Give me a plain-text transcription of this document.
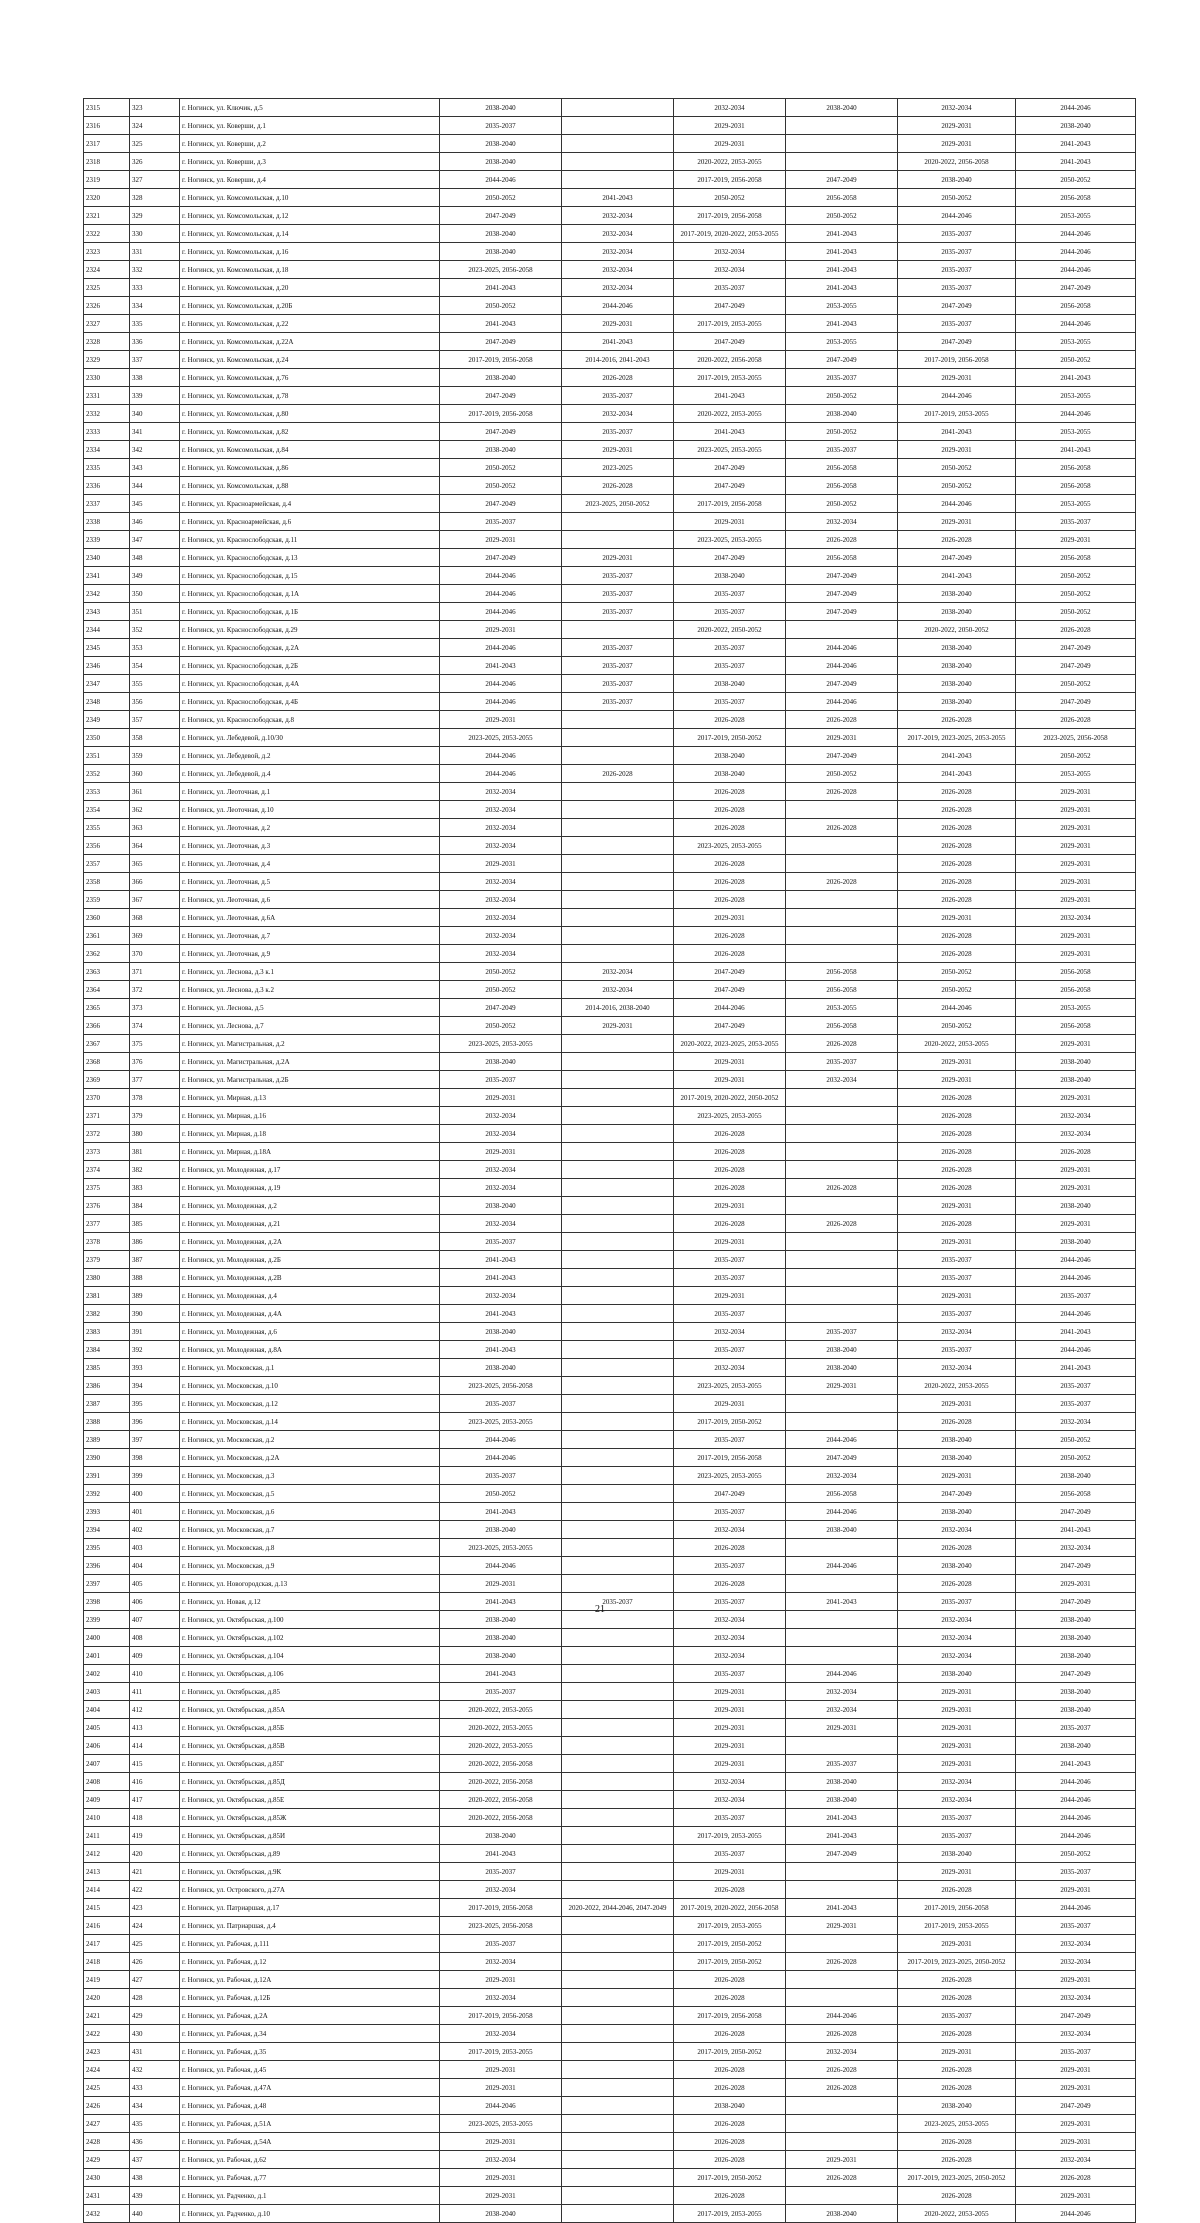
2315	323	г. Ногинск, ул. Ключик, д.5	2038-2040		2032-2034	2038-2040	2032-2034	2044-2046
2316	324	г. Ногинск, ул. Коверши, д.1	2035-2037		2029-2031		2029-2031	2038-2040
2317	325	г. Ногинск, ул. Коверши, д.2	2038-2040		2029-2031		2029-2031	2041-2043
2318	326	г. Ногинск, ул. Коверши, д.3	2038-2040		2020-2022, 2053-2055		2020-2022, 2056-2058	2041-2043
2319	327	г. Ногинск, ул. Коверши, д.4	2044-2046		2017-2019, 2056-2058	2047-2049	2038-2040	2050-2052
2320	328	г. Ногинск, ул. Комсомольская, д.10	2050-2052	2041-2043	2050-2052	2056-2058	2050-2052	2056-2058
2321	329	г. Ногинск, ул. Комсомольская, д.12	2047-2049	2032-2034	2017-2019, 2056-2058	2050-2052	2044-2046	2053-2055
2322	330	г. Ногинск, ул. Комсомольская, д.14	2038-2040	2032-2034	2017-2019, 2020-2022, 2053-2055	2041-2043	2035-2037	2044-2046
2323	331	г. Ногинск, ул. Комсомольская, д.16	2038-2040	2032-2034	2032-2034	2041-2043	2035-2037	2044-2046
2324	332	г. Ногинск, ул. Комсомольская, д.18	2023-2025, 2056-2058	2032-2034	2032-2034	2041-2043	2035-2037	2044-2046
2325	333	г. Ногинск, ул. Комсомольская, д.20	2041-2043	2032-2034	2035-2037	2041-2043	2035-2037	2047-2049
2326	334	г. Ногинск, ул. Комсомольская, д.20Б	2050-2052	2044-2046	2047-2049	2053-2055	2047-2049	2056-2058
2327	335	г. Ногинск, ул. Комсомольская, д.22	2041-2043	2029-2031	2017-2019, 2053-2055	2041-2043	2035-2037	2044-2046
2328	336	г. Ногинск, ул. Комсомольская, д.22А	2047-2049	2041-2043	2047-2049	2053-2055	2047-2049	2053-2055
2329	337	г. Ногинск, ул. Комсомольская, д.24	2017-2019, 2056-2058	2014-2016, 2041-2043	2020-2022, 2056-2058	2047-2049	2017-2019, 2056-2058	2050-2052
2330	338	г. Ногинск, ул. Комсомольская, д.76	2038-2040	2026-2028	2017-2019, 2053-2055	2035-2037	2029-2031	2041-2043
2331	339	г. Ногинск, ул. Комсомольская, д.78	2047-2049	2035-2037	2041-2043	2050-2052	2044-2046	2053-2055
2332	340	г. Ногинск, ул. Комсомольская, д.80	2017-2019, 2056-2058	2032-2034	2020-2022, 2053-2055	2038-2040	2017-2019, 2053-2055	2044-2046
2333	341	г. Ногинск, ул. Комсомольская, д.82	2047-2049	2035-2037	2041-2043	2050-2052	2041-2043	2053-2055
2334	342	г. Ногинск, ул. Комсомольская, д.84	2038-2040	2029-2031	2023-2025, 2053-2055	2035-2037	2029-2031	2041-2043
2335	343	г. Ногинск, ул. Комсомольская, д.86	2050-2052	2023-2025	2047-2049	2056-2058	2050-2052	2056-2058
2336	344	г. Ногинск, ул. Комсомольская, д.88	2050-2052	2026-2028	2047-2049	2056-2058	2050-2052	2056-2058
2337	345	г. Ногинск, ул. Красноармейская, д.4	2047-2049	2023-2025, 2050-2052	2017-2019, 2056-2058	2050-2052	2044-2046	2053-2055
2338	346	г. Ногинск, ул. Красноармейская, д.6	2035-2037		2029-2031	2032-2034	2029-2031	2035-2037
2339	347	г. Ногинск, ул. Краснослободская, д.11	2029-2031		2023-2025, 2053-2055	2026-2028	2026-2028	2029-2031
2340	348	г. Ногинск, ул. Краснослободская, д.13	2047-2049	2029-2031	2047-2049	2056-2058	2047-2049	2056-2058
2341	349	г. Ногинск, ул. Краснослободская, д.15	2044-2046	2035-2037	2038-2040	2047-2049	2041-2043	2050-2052
2342	350	г. Ногинск, ул. Краснослободская, д.1А	2044-2046	2035-2037	2035-2037	2047-2049	2038-2040	2050-2052
2343	351	г. Ногинск, ул. Краснослободская, д.1Б	2044-2046	2035-2037	2035-2037	2047-2049	2038-2040	2050-2052
2344	352	г. Ногинск, ул. Краснослободская, д.29	2029-2031		2020-2022, 2050-2052		2020-2022, 2050-2052	2026-2028
2345	353	г. Ногинск, ул. Краснослободская, д.2А	2044-2046	2035-2037	2035-2037	2044-2046	2038-2040	2047-2049
2346	354	г. Ногинск, ул. Краснослободская, д.2Б	2041-2043	2035-2037	2035-2037	2044-2046	2038-2040	2047-2049
2347	355	г. Ногинск, ул. Краснослободская, д.4А	2044-2046	2035-2037	2038-2040	2047-2049	2038-2040	2050-2052
2348	356	г. Ногинск, ул. Краснослободская, д.4Б	2044-2046	2035-2037	2035-2037	2044-2046	2038-2040	2047-2049
2349	357	г. Ногинск, ул. Краснослободская, д.8	2029-2031		2026-2028	2026-2028	2026-2028	2026-2028
2350	358	г. Ногинск, ул. Лебедевой, д.10/30	2023-2025, 2053-2055		2017-2019, 2050-2052	2029-2031	2017-2019, 2023-2025, 2053-2055	2023-2025, 2056-2058
2351	359	г. Ногинск, ул. Лебедевой, д.2	2044-2046		2038-2040	2047-2049	2041-2043	2050-2052
2352	360	г. Ногинск, ул. Лебедевой, д.4	2044-2046	2026-2028	2038-2040	2050-2052	2041-2043	2053-2055
2353	361	г. Ногинск, ул. Леоточная, д.1	2032-2034		2026-2028	2026-2028	2026-2028	2029-2031
2354	362	г. Ногинск, ул. Леоточная, д.10	2032-2034		2026-2028		2026-2028	2029-2031
2355	363	г. Ногинск, ул. Леоточная, д.2	2032-2034		2026-2028	2026-2028	2026-2028	2029-2031
2356	364	г. Ногинск, ул. Леоточная, д.3	2032-2034		2023-2025, 2053-2055		2026-2028	2029-2031
2357	365	г. Ногинск, ул. Леоточная, д.4	2029-2031		2026-2028		2026-2028	2029-2031
2358	366	г. Ногинск, ул. Леоточная, д.5	2032-2034		2026-2028	2026-2028	2026-2028	2029-2031
2359	367	г. Ногинск, ул. Леоточная, д.6	2032-2034		2026-2028		2026-2028	2029-2031
2360	368	г. Ногинск, ул. Леоточная, д.6А	2032-2034		2029-2031		2029-2031	2032-2034
2361	369	г. Ногинск, ул. Леоточная, д.7	2032-2034		2026-2028		2026-2028	2029-2031
2362	370	г. Ногинск, ул. Леоточная, д.9	2032-2034		2026-2028		2026-2028	2029-2031
2363	371	г. Ногинск, ул. Леснова, д.3 к.1	2050-2052	2032-2034	2047-2049	2056-2058	2050-2052	2056-2058
2364	372	г. Ногинск, ул. Леснова, д.3 к.2	2050-2052	2032-2034	2047-2049	2056-2058	2050-2052	2056-2058
2365	373	г. Ногинск, ул. Леснова, д.5	2047-2049	2014-2016, 2038-2040	2044-2046	2053-2055	2044-2046	2053-2055
2366	374	г. Ногинск, ул. Леснова, д.7	2050-2052	2029-2031	2047-2049	2056-2058	2050-2052	2056-2058
2367	375	г. Ногинск, ул. Магистральная, д.2	2023-2025, 2053-2055		2020-2022, 2023-2025, 2053-2055	2026-2028	2020-2022, 2053-2055	2029-2031
2368	376	г. Ногинск, ул. Магистральная, д.2А	2038-2040		2029-2031	2035-2037	2029-2031	2038-2040
2369	377	г. Ногинск, ул. Магистральная, д.2Б	2035-2037		2029-2031	2032-2034	2029-2031	2038-2040
2370	378	г. Ногинск, ул. Мирная, д.13	2029-2031		2017-2019, 2020-2022, 2050-2052		2026-2028	2029-2031
2371	379	г. Ногинск, ул. Мирная, д.16	2032-2034		2023-2025, 2053-2055		2026-2028	2032-2034
2372	380	г. Ногинск, ул. Мирная, д.18	2032-2034		2026-2028		2026-2028	2032-2034
2373	381	г. Ногинск, ул. Мирная, д.18А	2029-2031		2026-2028		2026-2028	2026-2028
2374	382	г. Ногинск, ул. Молодежная, д.17	2032-2034		2026-2028		2026-2028	2029-2031
2375	383	г. Ногинск, ул. Молодежная, д.19	2032-2034		2026-2028	2026-2028	2026-2028	2029-2031
2376	384	г. Ногинск, ул. Молодежная, д.2	2038-2040		2029-2031		2029-2031	2038-2040
2377	385	г. Ногинск, ул. Молодежная, д.21	2032-2034		2026-2028	2026-2028	2026-2028	2029-2031
2378	386	г. Ногинск, ул. Молодежная, д.2А	2035-2037		2029-2031		2029-2031	2038-2040
2379	387	г. Ногинск, ул. Молодежная, д.2Б	2041-2043		2035-2037		2035-2037	2044-2046
2380	388	г. Ногинск, ул. Молодежная, д.2В	2041-2043		2035-2037		2035-2037	2044-2046
2381	389	г. Ногинск, ул. Молодежная, д.4	2032-2034		2029-2031		2029-2031	2035-2037
2382	390	г. Ногинск, ул. Молодежная, д.4А	2041-2043		2035-2037		2035-2037	2044-2046
2383	391	г. Ногинск, ул. Молодежная, д.6	2038-2040		2032-2034	2035-2037	2032-2034	2041-2043
2384	392	г. Ногинск, ул. Молодежная, д.8А	2041-2043		2035-2037	2038-2040	2035-2037	2044-2046
2385	393	г. Ногинск, ул. Московская, д.1	2038-2040		2032-2034	2038-2040	2032-2034	2041-2043
2386	394	г. Ногинск, ул. Московская, д.10	2023-2025, 2056-2058		2023-2025, 2053-2055	2029-2031	2020-2022, 2053-2055	2035-2037
2387	395	г. Ногинск, ул. Московская, д.12	2035-2037		2029-2031		2029-2031	2035-2037
2388	396	г. Ногинск, ул. Московская, д.14	2023-2025, 2053-2055		2017-2019, 2050-2052		2026-2028	2032-2034
2389	397	г. Ногинск, ул. Московская, д.2	2044-2046		2035-2037	2044-2046	2038-2040	2050-2052
2390	398	г. Ногинск, ул. Московская, д.2А	2044-2046		2017-2019, 2056-2058	2047-2049	2038-2040	2050-2052
2391	399	г. Ногинск, ул. Московская, д.3	2035-2037		2023-2025, 2053-2055	2032-2034	2029-2031	2038-2040
2392	400	г. Ногинск, ул. Московская, д.5	2050-2052		2047-2049	2056-2058	2047-2049	2056-2058
2393	401	г. Ногинск, ул. Московская, д.6	2041-2043		2035-2037	2044-2046	2038-2040	2047-2049
2394	402	г. Ногинск, ул. Московская, д.7	2038-2040		2032-2034	2038-2040	2032-2034	2041-2043
2395	403	г. Ногинск, ул. Московская, д.8	2023-2025, 2053-2055		2026-2028		2026-2028	2032-2034
2396	404	г. Ногинск, ул. Московская, д.9	2044-2046		2035-2037	2044-2046	2038-2040	2047-2049
2397	405	г. Ногинск, ул. Новогородская, д.13	2029-2031		2026-2028		2026-2028	2029-2031
2398	406	г. Ногинск, ул. Новая, д.12	2041-2043	2035-2037	2035-2037	2041-2043	2035-2037	2047-2049
2399	407	г. Ногинск, ул. Октябрьская, д.100	2038-2040		2032-2034		2032-2034	2038-2040
2400	408	г. Ногинск, ул. Октябрьская, д.102	2038-2040		2032-2034		2032-2034	2038-2040
2401	409	г. Ногинск, ул. Октябрьская, д.104	2038-2040		2032-2034		2032-2034	2038-2040
2402	410	г. Ногинск, ул. Октябрьская, д.106	2041-2043		2035-2037	2044-2046	2038-2040	2047-2049
2403	411	г. Ногинск, ул. Октябрьская, д.85	2035-2037		2029-2031	2032-2034	2029-2031	2038-2040
2404	412	г. Ногинск, ул. Октябрьская, д.85А	2020-2022, 2053-2055		2029-2031	2032-2034	2029-2031	2038-2040
2405	413	г. Ногинск, ул. Октябрьская, д.85Б	2020-2022, 2053-2055		2029-2031	2029-2031	2029-2031	2035-2037
2406	414	г. Ногинск, ул. Октябрьская, д.85В	2020-2022, 2053-2055		2029-2031		2029-2031	2038-2040
2407	415	г. Ногинск, ул. Октябрьская, д.85Г	2020-2022, 2056-2058		2029-2031	2035-2037	2029-2031	2041-2043
2408	416	г. Ногинск, ул. Октябрьская, д.85Д	2020-2022, 2056-2058		2032-2034	2038-2040	2032-2034	2044-2046
2409	417	г. Ногинск, ул. Октябрьская, д.85Е	2020-2022, 2056-2058		2032-2034	2038-2040	2032-2034	2044-2046
2410	418	г. Ногинск, ул. Октябрьская, д.85Ж	2020-2022, 2056-2058		2035-2037	2041-2043	2035-2037	2044-2046
2411	419	г. Ногинск, ул. Октябрьская, д.85И	2038-2040		2017-2019, 2053-2055	2041-2043	2035-2037	2044-2046
2412	420	г. Ногинск, ул. Октябрьская, д.89	2041-2043		2035-2037	2047-2049	2038-2040	2050-2052
2413	421	г. Ногинск, ул. Октябрьская, д.9К	2035-2037		2029-2031		2029-2031	2035-2037
2414	422	г. Ногинск, ул. Островского, д.27А	2032-2034		2026-2028		2026-2028	2029-2031
2415	423	г. Ногинск, ул. Патриаршая, д.17	2017-2019, 2056-2058	2020-2022, 2044-2046, 2047-2049	2017-2019, 2020-2022, 2056-2058	2041-2043	2017-2019, 2056-2058	2044-2046
2416	424	г. Ногинск, ул. Патриаршая, д.4	2023-2025, 2056-2058		2017-2019, 2053-2055	2029-2031	2017-2019, 2053-2055	2035-2037
2417	425	г. Ногинск, ул. Рабочая, д.111	2035-2037		2017-2019, 2050-2052		2029-2031	2032-2034
2418	426	г. Ногинск, ул. Рабочая, д.12	2032-2034		2017-2019, 2050-2052	2026-2028	2017-2019, 2023-2025, 2050-2052	2032-2034
2419	427	г. Ногинск, ул. Рабочая, д.12А	2029-2031		2026-2028		2026-2028	2029-2031
2420	428	г. Ногинск, ул. Рабочая, д.12Б	2032-2034		2026-2028		2026-2028	2032-2034
2421	429	г. Ногинск, ул. Рабочая, д.2А	2017-2019, 2056-2058		2017-2019, 2056-2058	2044-2046	2035-2037	2047-2049
2422	430	г. Ногинск, ул. Рабочая, д.34	2032-2034		2026-2028	2026-2028	2026-2028	2032-2034
2423	431	г. Ногинск, ул. Рабочая, д.35	2017-2019, 2053-2055		2017-2019, 2050-2052	2032-2034	2029-2031	2035-2037
2424	432	г. Ногинск, ул. Рабочая, д.45	2029-2031		2026-2028	2026-2028	2026-2028	2029-2031
2425	433	г. Ногинск, ул. Рабочая, д.47А	2029-2031		2026-2028	2026-2028	2026-2028	2029-2031
2426	434	г. Ногинск, ул. Рабочая, д.48	2044-2046		2038-2040		2038-2040	2047-2049
2427	435	г. Ногинск, ул. Рабочая, д.51А	2023-2025, 2053-2055		2026-2028		2023-2025, 2053-2055	2029-2031
2428	436	г. Ногинск, ул. Рабочая, д.54А	2029-2031		2026-2028		2026-2028	2029-2031
2429	437	г. Ногинск, ул. Рабочая, д.62	2032-2034		2026-2028	2029-2031	2026-2028	2032-2034
2430	438	г. Ногинск, ул. Рабочая, д.77	2029-2031		2017-2019, 2050-2052	2026-2028	2017-2019, 2023-2025, 2050-2052	2026-2028
2431	439	г. Ногинск, ул. Радченко, д.1	2029-2031		2026-2028		2026-2028	2029-2031
2432	440	г. Ногинск, ул. Радченко, д.10	2038-2040		2017-2019, 2053-2055	2038-2040	2020-2022, 2053-2055	2044-2046
21
